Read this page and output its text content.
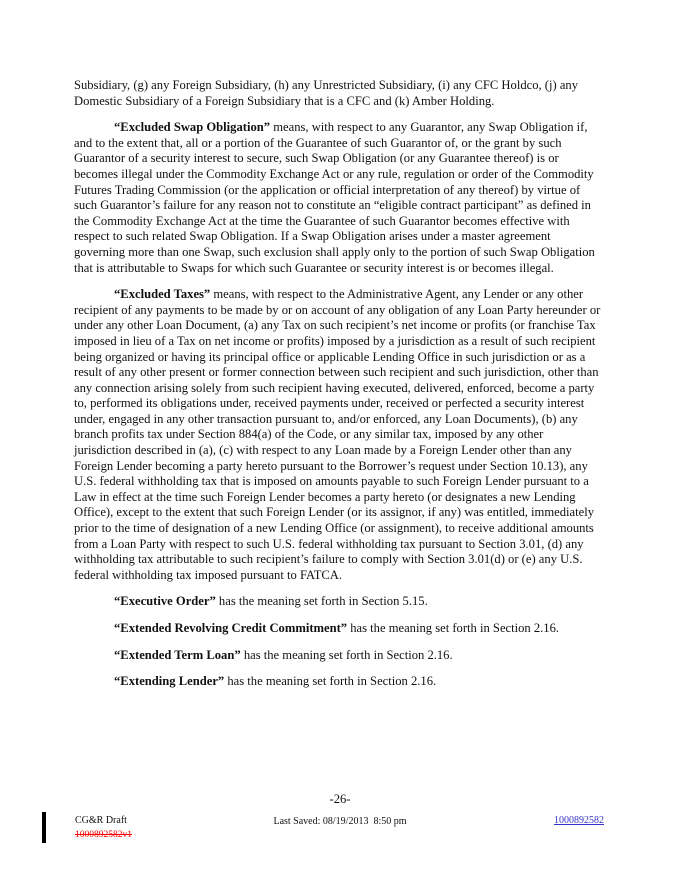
Subsidiary, (g) any Foreign Subsidiary, (h) any Unrestricted Subsidiary, (i) any CFC Holdco, (j) any Domestic Subsidiary of a Foreign Subsidiary that is a CFC and (k) Amber Holding.

“Excluded Swap Obligation” means, with respect to any Guarantor, any Swap Obligation if, and to the extent that, all or a portion of the Guarantee of such Guarantor of, or the grant by such Guarantor of a security interest to secure, such Swap Obligation (or any Guarantee thereof) is or becomes illegal under the Commodity Exchange Act or any rule, regulation or order of the Commodity Futures Trading Commission (or the application or official interpretation of any thereof) by virtue of such Guarantor’s failure for any reason not to constitute an “eligible contract participant” as defined in the Commodity Exchange Act at the time the Guarantee of such Guarantor becomes effective with respect to such related Swap Obligation. If a Swap Obligation arises under a master agreement governing more than one Swap, such exclusion shall apply only to the portion of such Swap Obligation that is attributable to Swaps for which such Guarantee or security interest is or becomes illegal.

“Excluded Taxes” means, with respect to the Administrative Agent, any Lender or any other recipient of any payments to be made by or on account of any obligation of any Loan Party hereunder or under any other Loan Document, (a) any Tax on such recipient’s net income or profits (or franchise Tax imposed in lieu of a Tax on net income or profits) imposed by a jurisdiction as a result of such recipient being organized or having its principal office or applicable Lending Office in such jurisdiction or as a result of any other present or former connection between such recipient and such jurisdiction, other than any connection arising solely from such recipient having executed, delivered, enforced, become a party to, performed its obligations under, received payments under, received or perfected a security interest under, engaged in any other transaction pursuant to, and/or enforced, any Loan Documents), (b) any branch profits tax under Section 884(a) of the Code, or any similar tax, imposed by any other jurisdiction described in (a), (c) with respect to any Loan made by a Foreign Lender other than any Foreign Lender becoming a party hereto pursuant to the Borrower’s request under Section 10.13), any U.S. federal withholding tax that is imposed on amounts payable to such Foreign Lender pursuant to a Law in effect at the time such Foreign Lender becomes a party hereto (or designates a new Lending Office), except to the extent that such Foreign Lender (or its assignor, if any) was entitled, immediately prior to the time of designation of a new Lending Office (or assignment), to receive additional amounts from a Loan Party with respect to such U.S. federal withholding tax pursuant to Section 3.01, (d) any withholding tax attributable to such recipient’s failure to comply with Section 3.01(d) or (e) any U.S. federal withholding tax imposed pursuant to FATCA.

“Executive Order” has the meaning set forth in Section 5.15.

“Extended Revolving Credit Commitment” has the meaning set forth in Section 2.16.

“Extended Term Loan” has the meaning set forth in Section 2.16.

“Extending Lender” has the meaning set forth in Section 2.16.

-26-
CG&R Draft
1000892582v1
Last Saved: 08/19/2013  8:50 pm	1000892582
